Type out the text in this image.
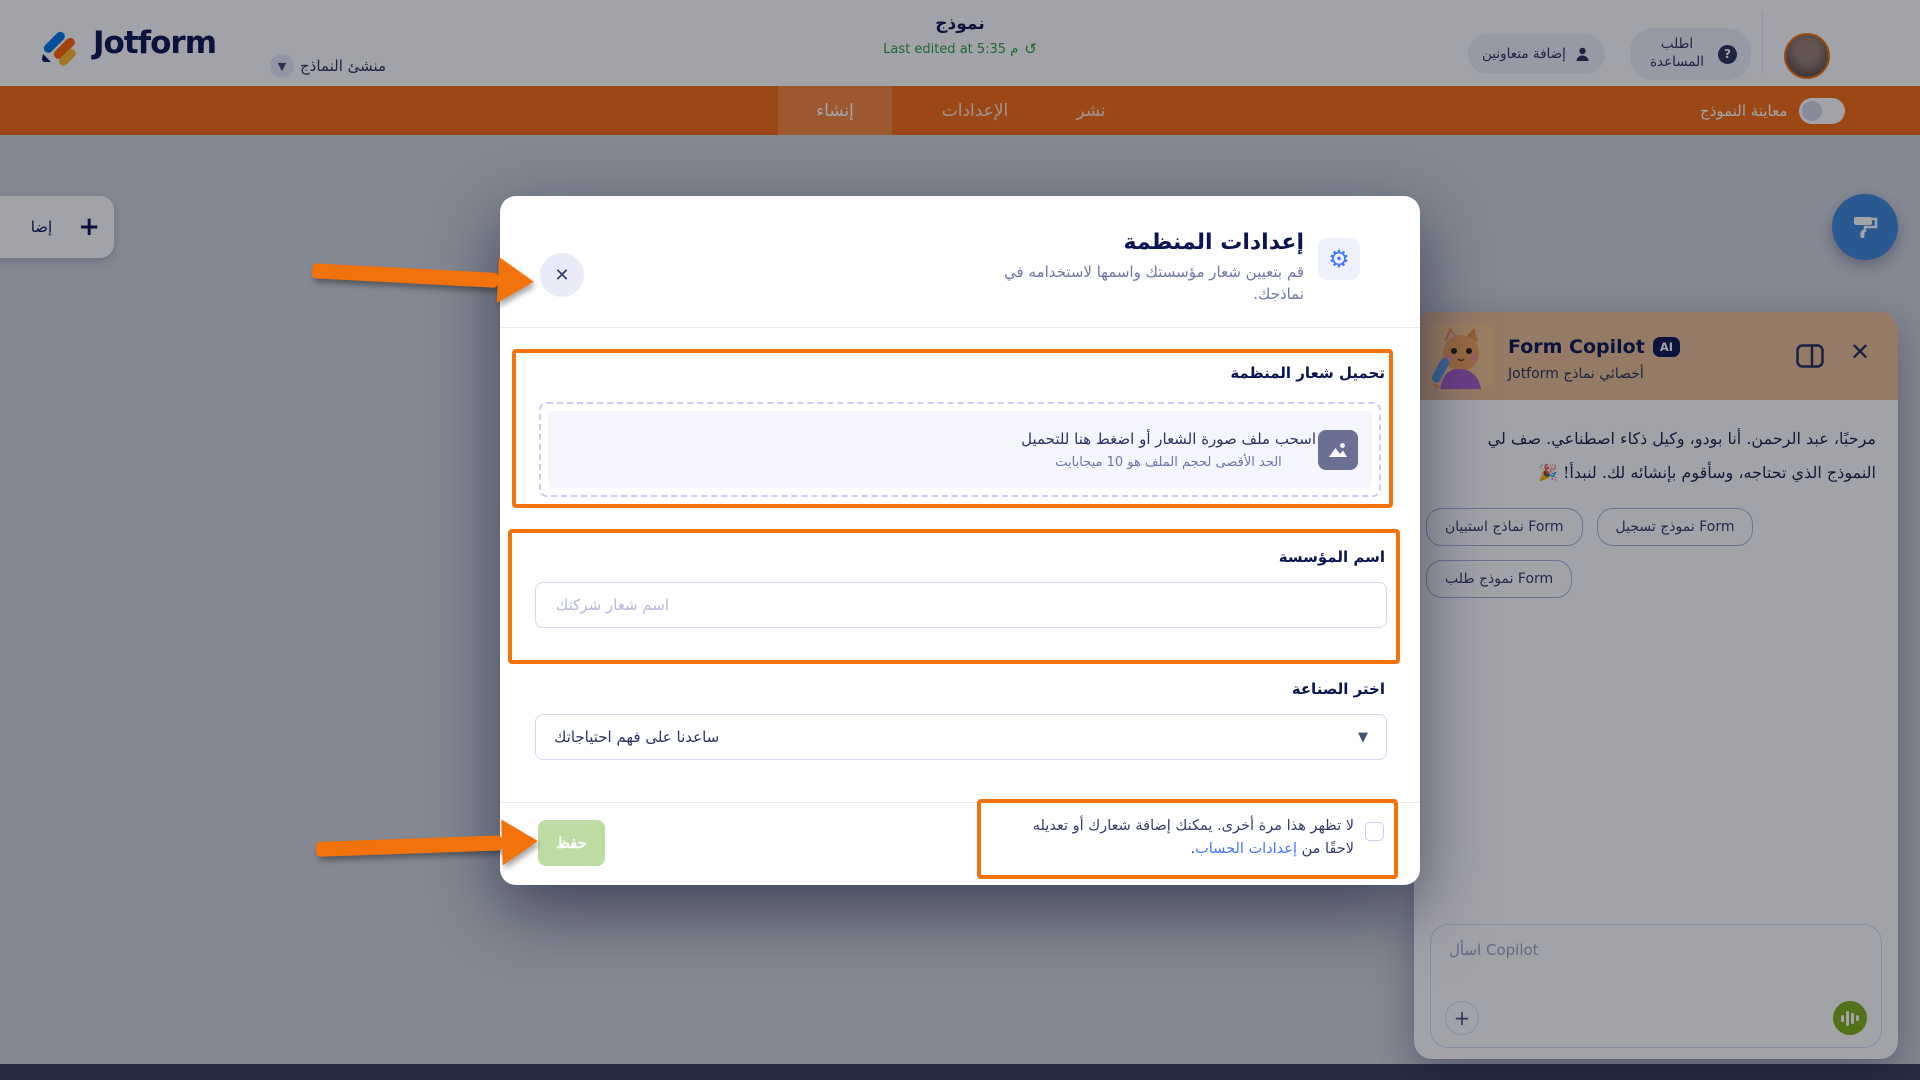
Jotform
▼ منشئ النماذج
نموذج
Last edited at 5:35 م ↺	إضافة متعاونين	?
اطلب المساعدة
إنشاء	الإعدادات	نشر	معاينة النموذج
إضا +
Form Copilot	AI
أخصائي نماذج Jotform
✕
مرحبًا، عبد الرحمن. أنا بودو، وكيل ذكاء اصطناعي. صف لي النموذج الذي تحتاجه، وسأقوم بإنشائه لك. لنبدأ! 🎉
نماذج استبيان Form	نموذج تسجيل Form
نموذج طلب Form
اسأل Copilot
+
✕
⚙
إعدادات المنظمة
قم بتعيين شعار مؤسستك واسمها لاستخدامه في نماذجك.
تحميل شعار المنظمة
اسحب ملف صورة الشعار أو اضغط هنا للتحميل
الحد الأقصى لحجم الملف هو 10 ميجابايت
اسم المؤسسة
اسم شعار شركتك
اختر الصناعة
ساعدنا على فهم احتياجاتك	▼
حفظ
لا تظهر هذا مرة أخرى. يمكنك إضافة شعارك أو تعديله لاحقًا من إعدادات الحساب.
